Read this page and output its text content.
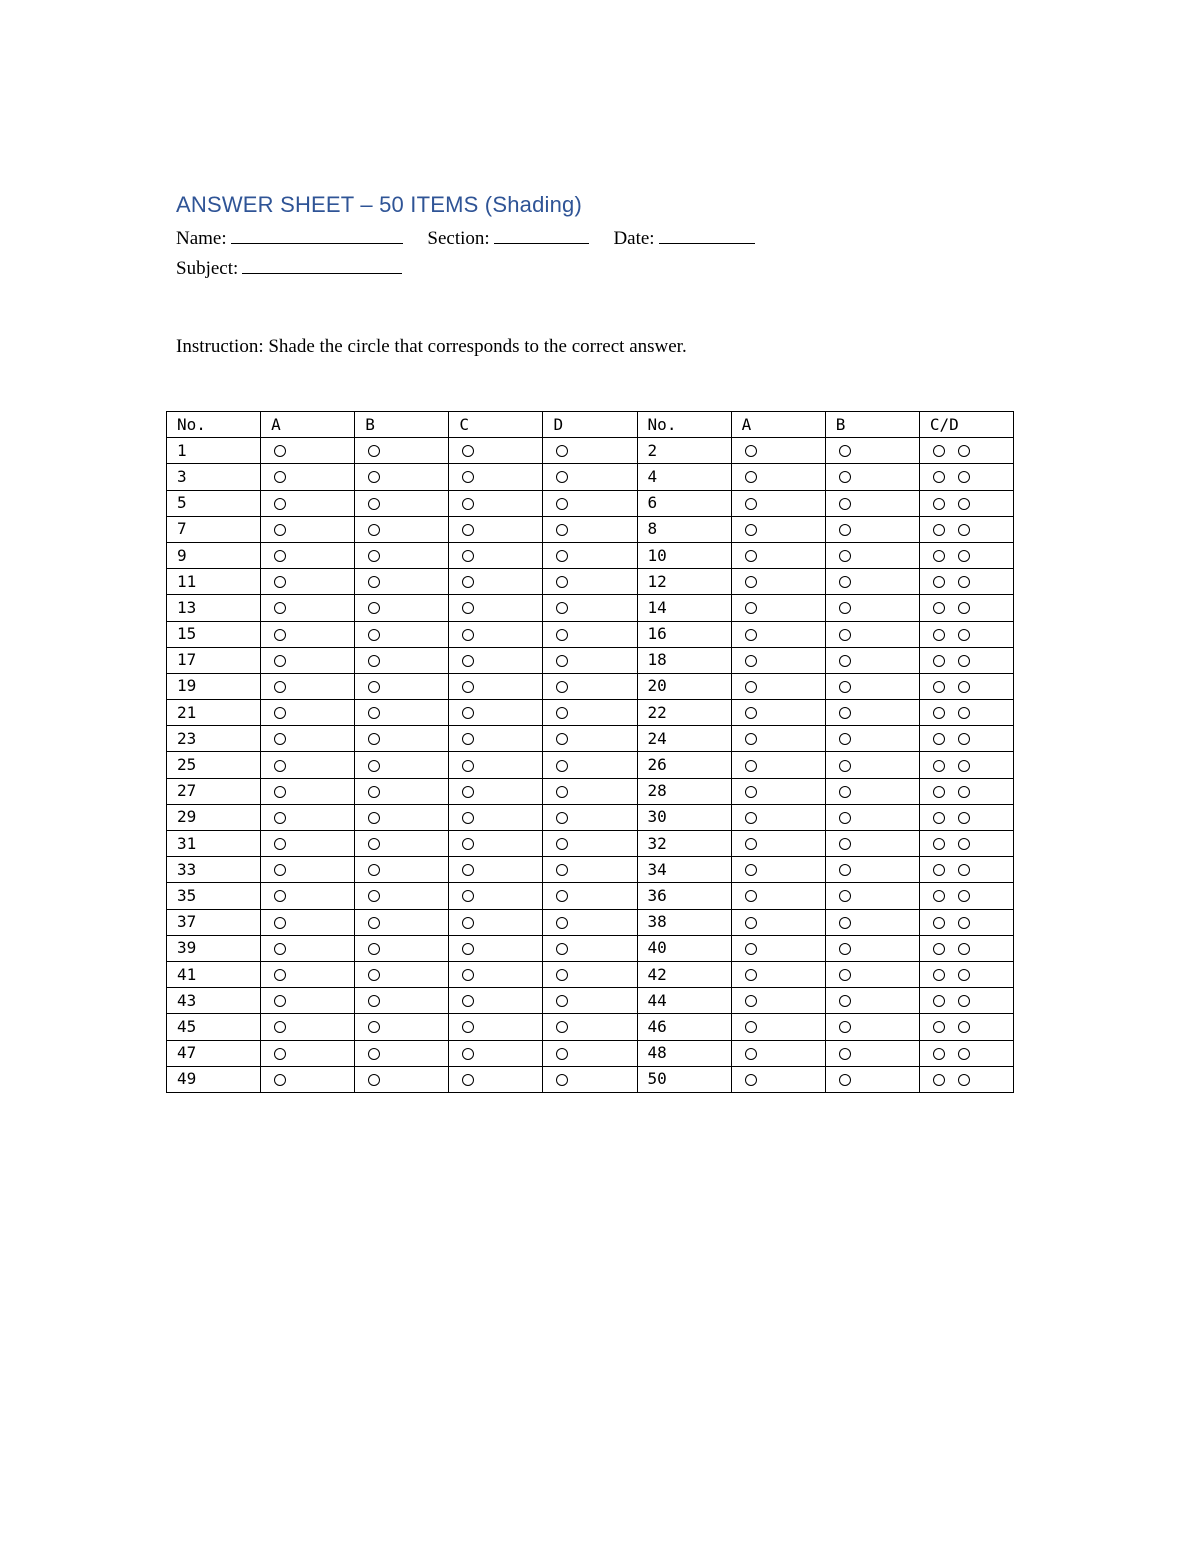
ANSWER SHEET – 50 ITEMS (Shading)
Name:	Section:	Date:
Subject:
Instruction: Shade the circle that corresponds to the correct answer.
No.	A	B	C	D	No.	A	B	C/D
1					2			
3					4			
5					6			
7					8			
9					10			
11					12			
13					14			
15					16			
17					18			
19					20			
21					22			
23					24			
25					26			
27					28			
29					30			
31					32			
33					34			
35					36			
37					38			
39					40			
41					42			
43					44			
45					46			
47					48			
49					50			
